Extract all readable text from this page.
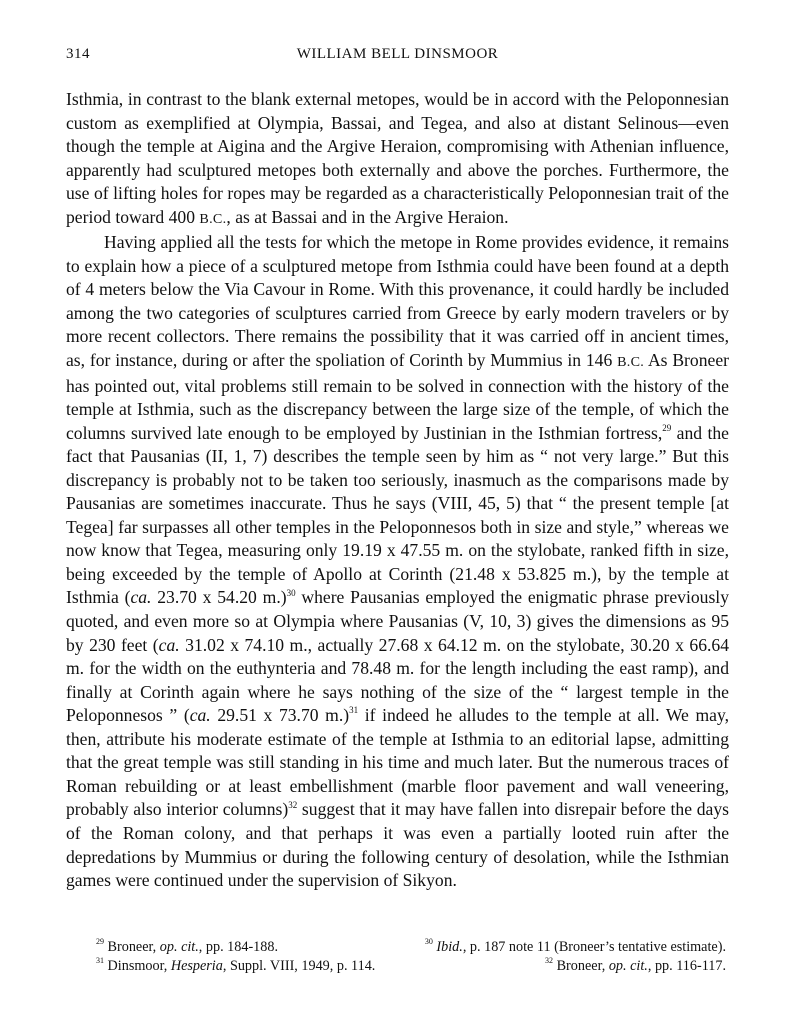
314	WILLIAM BELL DINSMOOR

Isthmia, in contrast to the blank external metopes, would be in accord with the Peloponnesian custom as exemplified at Olympia, Bassai, and Tegea, and also at distant Selinous—even though the temple at Aigina and the Argive Heraion, compromising with Athenian influence, apparently had sculptured metopes both externally and above the porches. Furthermore, the use of lifting holes for ropes may be regarded as a characteristically Peloponnesian trait of the period toward 400 B.C., as at Bassai and in the Argive Heraion.

Having applied all the tests for which the metope in Rome provides evidence, it remains to explain how a piece of a sculptured metope from Isthmia could have been found at a depth of 4 meters below the Via Cavour in Rome. With this provenance, it could hardly be included among the two categories of sculptures carried from Greece by early modern travelers or by more recent collectors. There remains the possibility that it was carried off in ancient times, as, for instance, during or after the spoliation of Corinth by Mummius in 146 B.C. As Broneer has pointed out, vital problems still remain to be solved in connection with the history of the temple at Isthmia, such as the discrepancy between the large size of the temple, of which the columns survived late enough to be employed by Justinian in the Isthmian fortress,$^{29}$ and the fact that Pausanias (II, 1, 7) describes the temple seen by him as “ not very large.” But this discrepancy is probably not to be taken too seriously, inasmuch as the comparisons made by Pausanias are sometimes inaccurate. Thus he says (VIII, 45, 5) that “ the present temple [at Tegea] far surpasses all other temples in the Peloponnesos both in size and style,” whereas we now know that Tegea, measuring only 19.19 x 47.55 m. on the stylobate, ranked fifth in size, being exceeded by the temple of Apollo at Corinth (21.48 x 53.825 m.), by the temple at Isthmia (ca. 23.70 x 54.20 m.)$^{30}$ where Pausanias employed the enigmatic phrase previously quoted, and even more so at Olympia where Pausanias (V, 10, 3) gives the dimensions as 95 by 230 feet (ca. 31.02 x 74.10 m., actually 27.68 x 64.12 m. on the stylobate, 30.20 x 66.64 m. for the width on the euthynteria and 78.48 m. for the length including the east ramp), and finally at Corinth again where he says nothing of the size of the “ largest temple in the Peloponnesos ” (ca. 29.51 x 73.70 m.)$^{31}$ if indeed he alludes to the temple at all. We may, then, attribute his moderate estimate of the temple at Isthmia to an editorial lapse, admitting that the great temple was still standing in his time and much later. But the numerous traces of Roman rebuilding or at least embellishment (marble floor pavement and wall veneering, probably also interior columns)$^{32}$ suggest that it may have fallen into disrepair before the days of the Roman colony, and that perhaps it was even a partially looted ruin after the depredations by Mummius or during the following century of desolation, while the Isthmian games were continued under the supervision of Sikyon.

$^{29}$ Broneer, op. cit., pp. 184-188.	$^{30}$ Ibid., p. 187 note 11 (Broneer’s tentative estimate).
$^{31}$ Dinsmoor, Hesperia, Suppl. VIII, 1949, p. 114.	$^{32}$ Broneer, op. cit., pp. 116-117.
